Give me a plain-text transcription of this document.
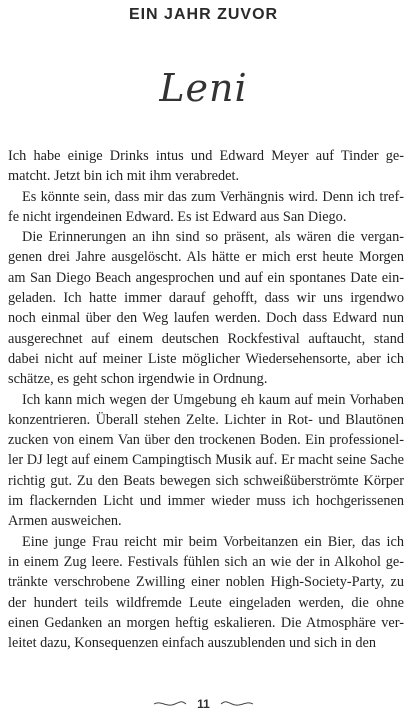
EIN JAHR ZUVOR
Leni

Ich habe einige Drinks intus und Edward Meyer auf Tinder ge-
matcht. Jetzt bin ich mit ihm verabredet.

Es könnte sein, dass mir das zum Verhängnis wird. Denn ich tref-
fe nicht irgendeinen Edward. Es ist Edward aus San Diego.

Die Erinnerungen an ihn sind so präsent, als wären die vergan-
genen drei Jahre ausgelöscht. Als hätte er mich erst heute Morgen
am San Diego Beach angesprochen und auf ein spontanes Date ein-
geladen. Ich hatte immer darauf gehofft, dass wir uns irgendwo
noch einmal über den Weg laufen werden. Doch dass Edward nun
ausgerechnet auf einem deutschen Rockfestival auftaucht, stand
dabei nicht auf meiner Liste möglicher Wiedersehensorte, aber ich
schätze, es geht schon irgendwie in Ordnung.

Ich kann mich wegen der Umgebung eh kaum auf mein Vorhaben
konzentrieren. Überall stehen Zelte. Lichter in Rot- und Blautönen
zucken von einem Van über den trockenen Boden. Ein professionel-
ler DJ legt auf einem Campingtisch Musik auf. Er macht seine Sache
richtig gut. Zu den Beats bewegen sich schweißüberströmte Körper
im flackernden Licht und immer wieder muss ich hochgerissenen
Armen ausweichen.

Eine junge Frau reicht mir beim Vorbeitanzen ein Bier, das ich
in einem Zug leere. Festivals fühlen sich an wie der in Alkohol ge-
tränkte verschrobene Zwilling einer noblen High-Society-Party, zu
der hundert teils wildfremde Leute eingeladen werden, die ohne
einen Gedanken an morgen heftig eskalieren. Die Atmosphäre ver-
leitet dazu, Konsequenzen einfach auszublenden und sich in den

11
